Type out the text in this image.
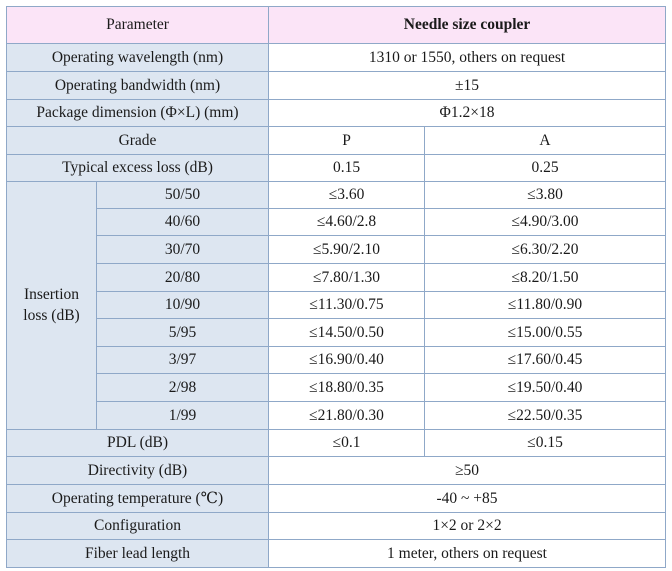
Parameter		Needle size coupler	
Operating wavelength (nm)		1310 or 1550, others on request	
Operating bandwidth (nm)		±15	
Package dimension (Φ×L) (mm)		Φ1.2×18	
Grade		P	A
Typical excess loss (dB)		0.15	0.25
Insertion
loss (dB)	50/50	≤3.60	≤3.80
	40/60	≤4.60/2.8	≤4.90/3.00
	30/70	≤5.90/2.10	≤6.30/2.20
	20/80	≤7.80/1.30	≤8.20/1.50
	10/90	≤11.30/0.75	≤11.80/0.90
	5/95	≤14.50/0.50	≤15.00/0.55
	3/97	≤16.90/0.40	≤17.60/0.45
	2/98	≤18.80/0.35	≤19.50/0.40
	1/99	≤21.80/0.30	≤22.50/0.35
PDL (dB)		≤0.1	≤0.15
Directivity (dB)		≥50	
Operating temperature (℃)		-40 ~ +85	
Configuration		1×2 or 2×2	
Fiber lead length		1 meter, others on request	
